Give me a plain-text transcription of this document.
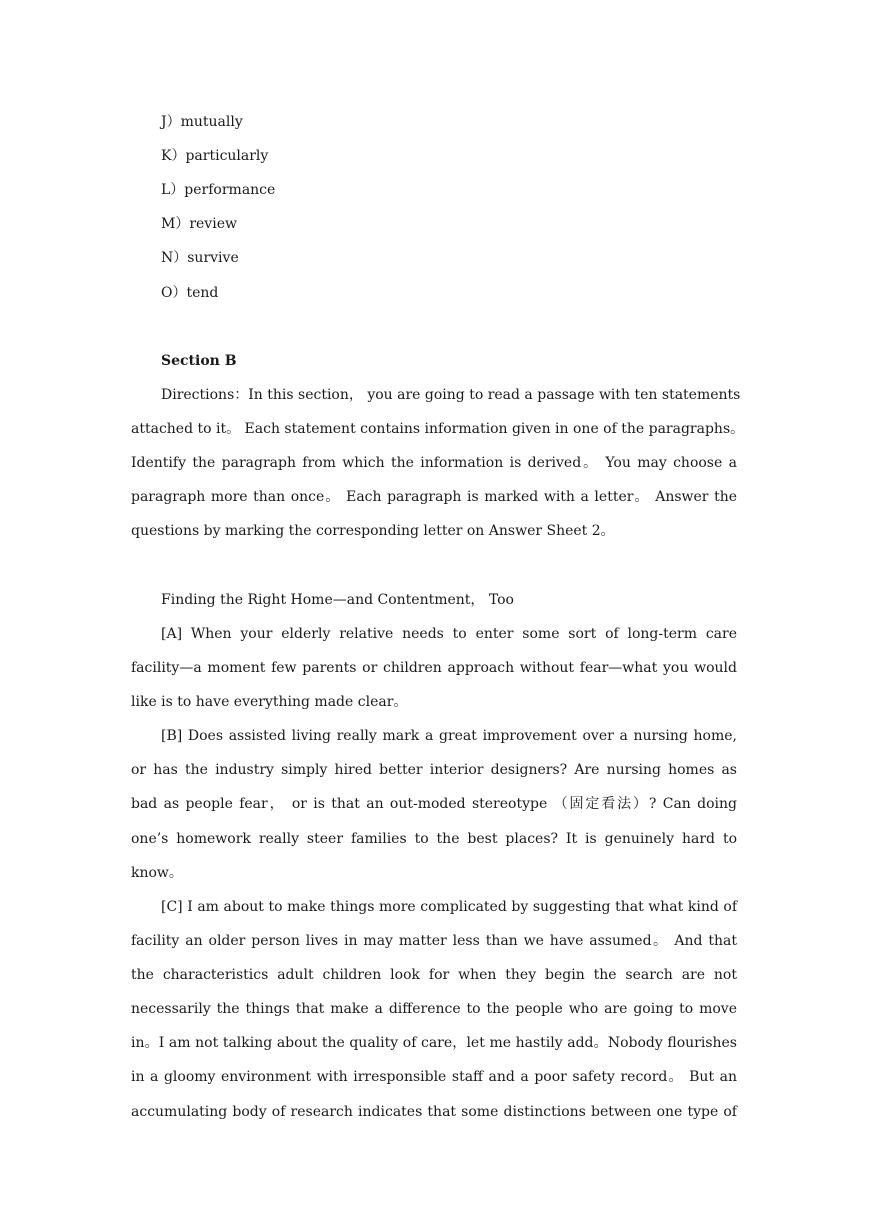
J）mutually
K）particularly
L）performance
M）review
N）survive
O）tend
Section B
Directions：In this section， you are going to read a passage with ten statements
attached to it。 Each statement contains information given in one of the paragraphs。
Identify the paragraph from which the information is derived。 You may choose a
paragraph more than once。 Each paragraph is marked with a letter。 Answer the
questions by marking the corresponding letter on Answer Sheet 2。
Finding the Right Home—and Contentment， Too
[A] When your elderly relative needs to enter some sort of long-term care
facility—a moment few parents or children approach without fear—what you would
like is to have everything made clear。
[B] Does assisted living really mark a great improvement over a nursing home,
or has the industry simply hired better interior designers? Are nursing homes as
bad as people fear， or is that an out-moded stereotype （固定看法）? Can doing
one’s homework really steer families to the best places? It is genuinely hard to
know。
[C] I am about to make things more complicated by suggesting that what kind of
facility an older person lives in may matter less than we have assumed。 And that
the characteristics adult children look for when they begin the search are not
necessarily the things that make a difference to the people who are going to move
in。I am not talking about the quality of care，let me hastily add。Nobody flourishes
in a gloomy environment with irresponsible staff and a poor safety record。 But an
accumulating body of research indicates that some distinctions between one type of
